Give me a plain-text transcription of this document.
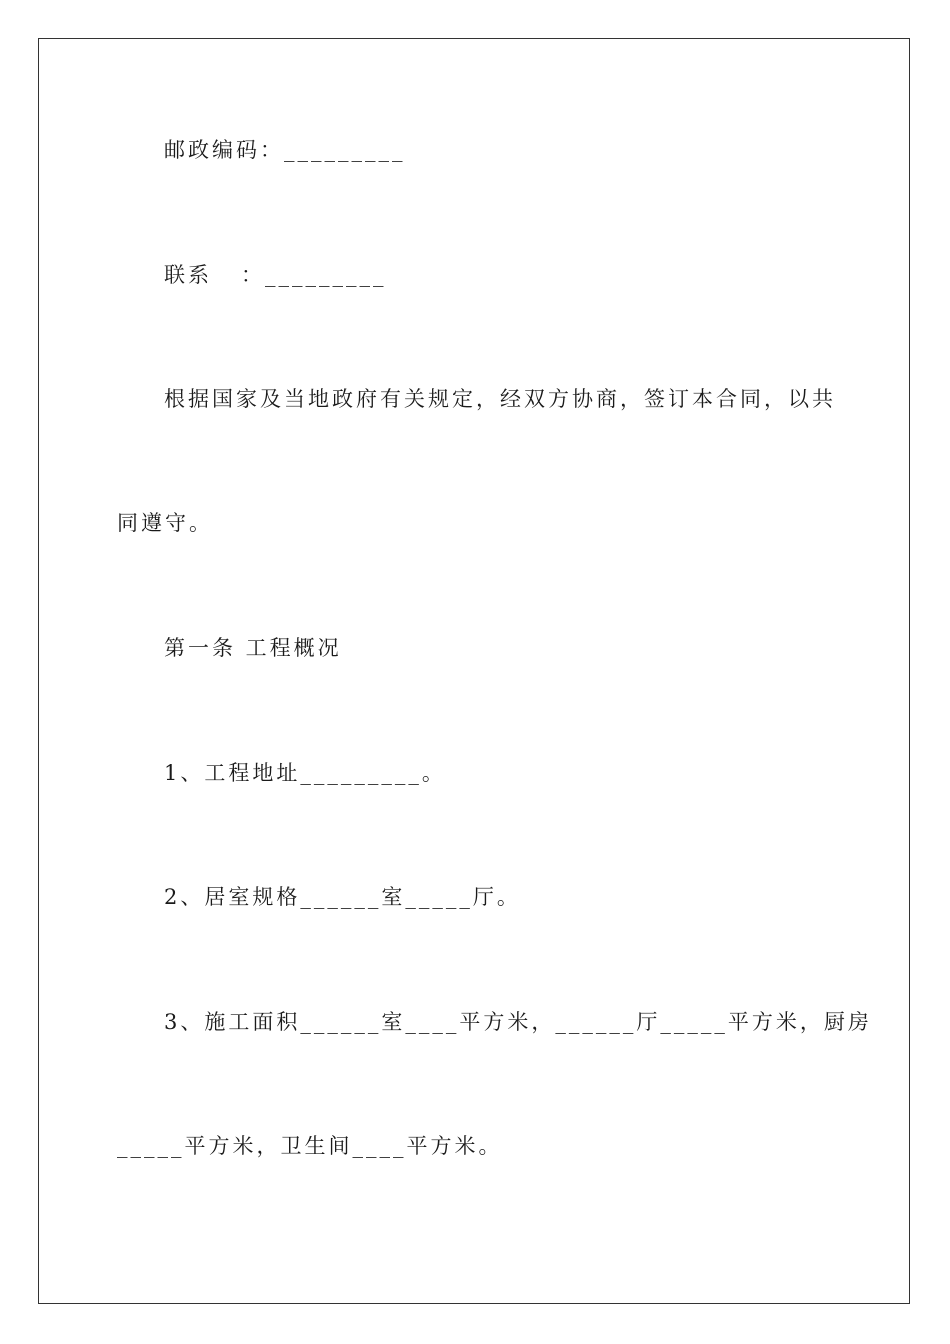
邮政编码：_________
联系   ：_________
根据国家及当地政府有关规定，经双方协商，签订本合同，以共
同遵守。
第一条 工程概况
1、工程地址_________。
2、居室规格______室_____厅。
3、施工面积______室____平方米，______厅_____平方米，厨房
_____平方米，卫生间____平方米。
